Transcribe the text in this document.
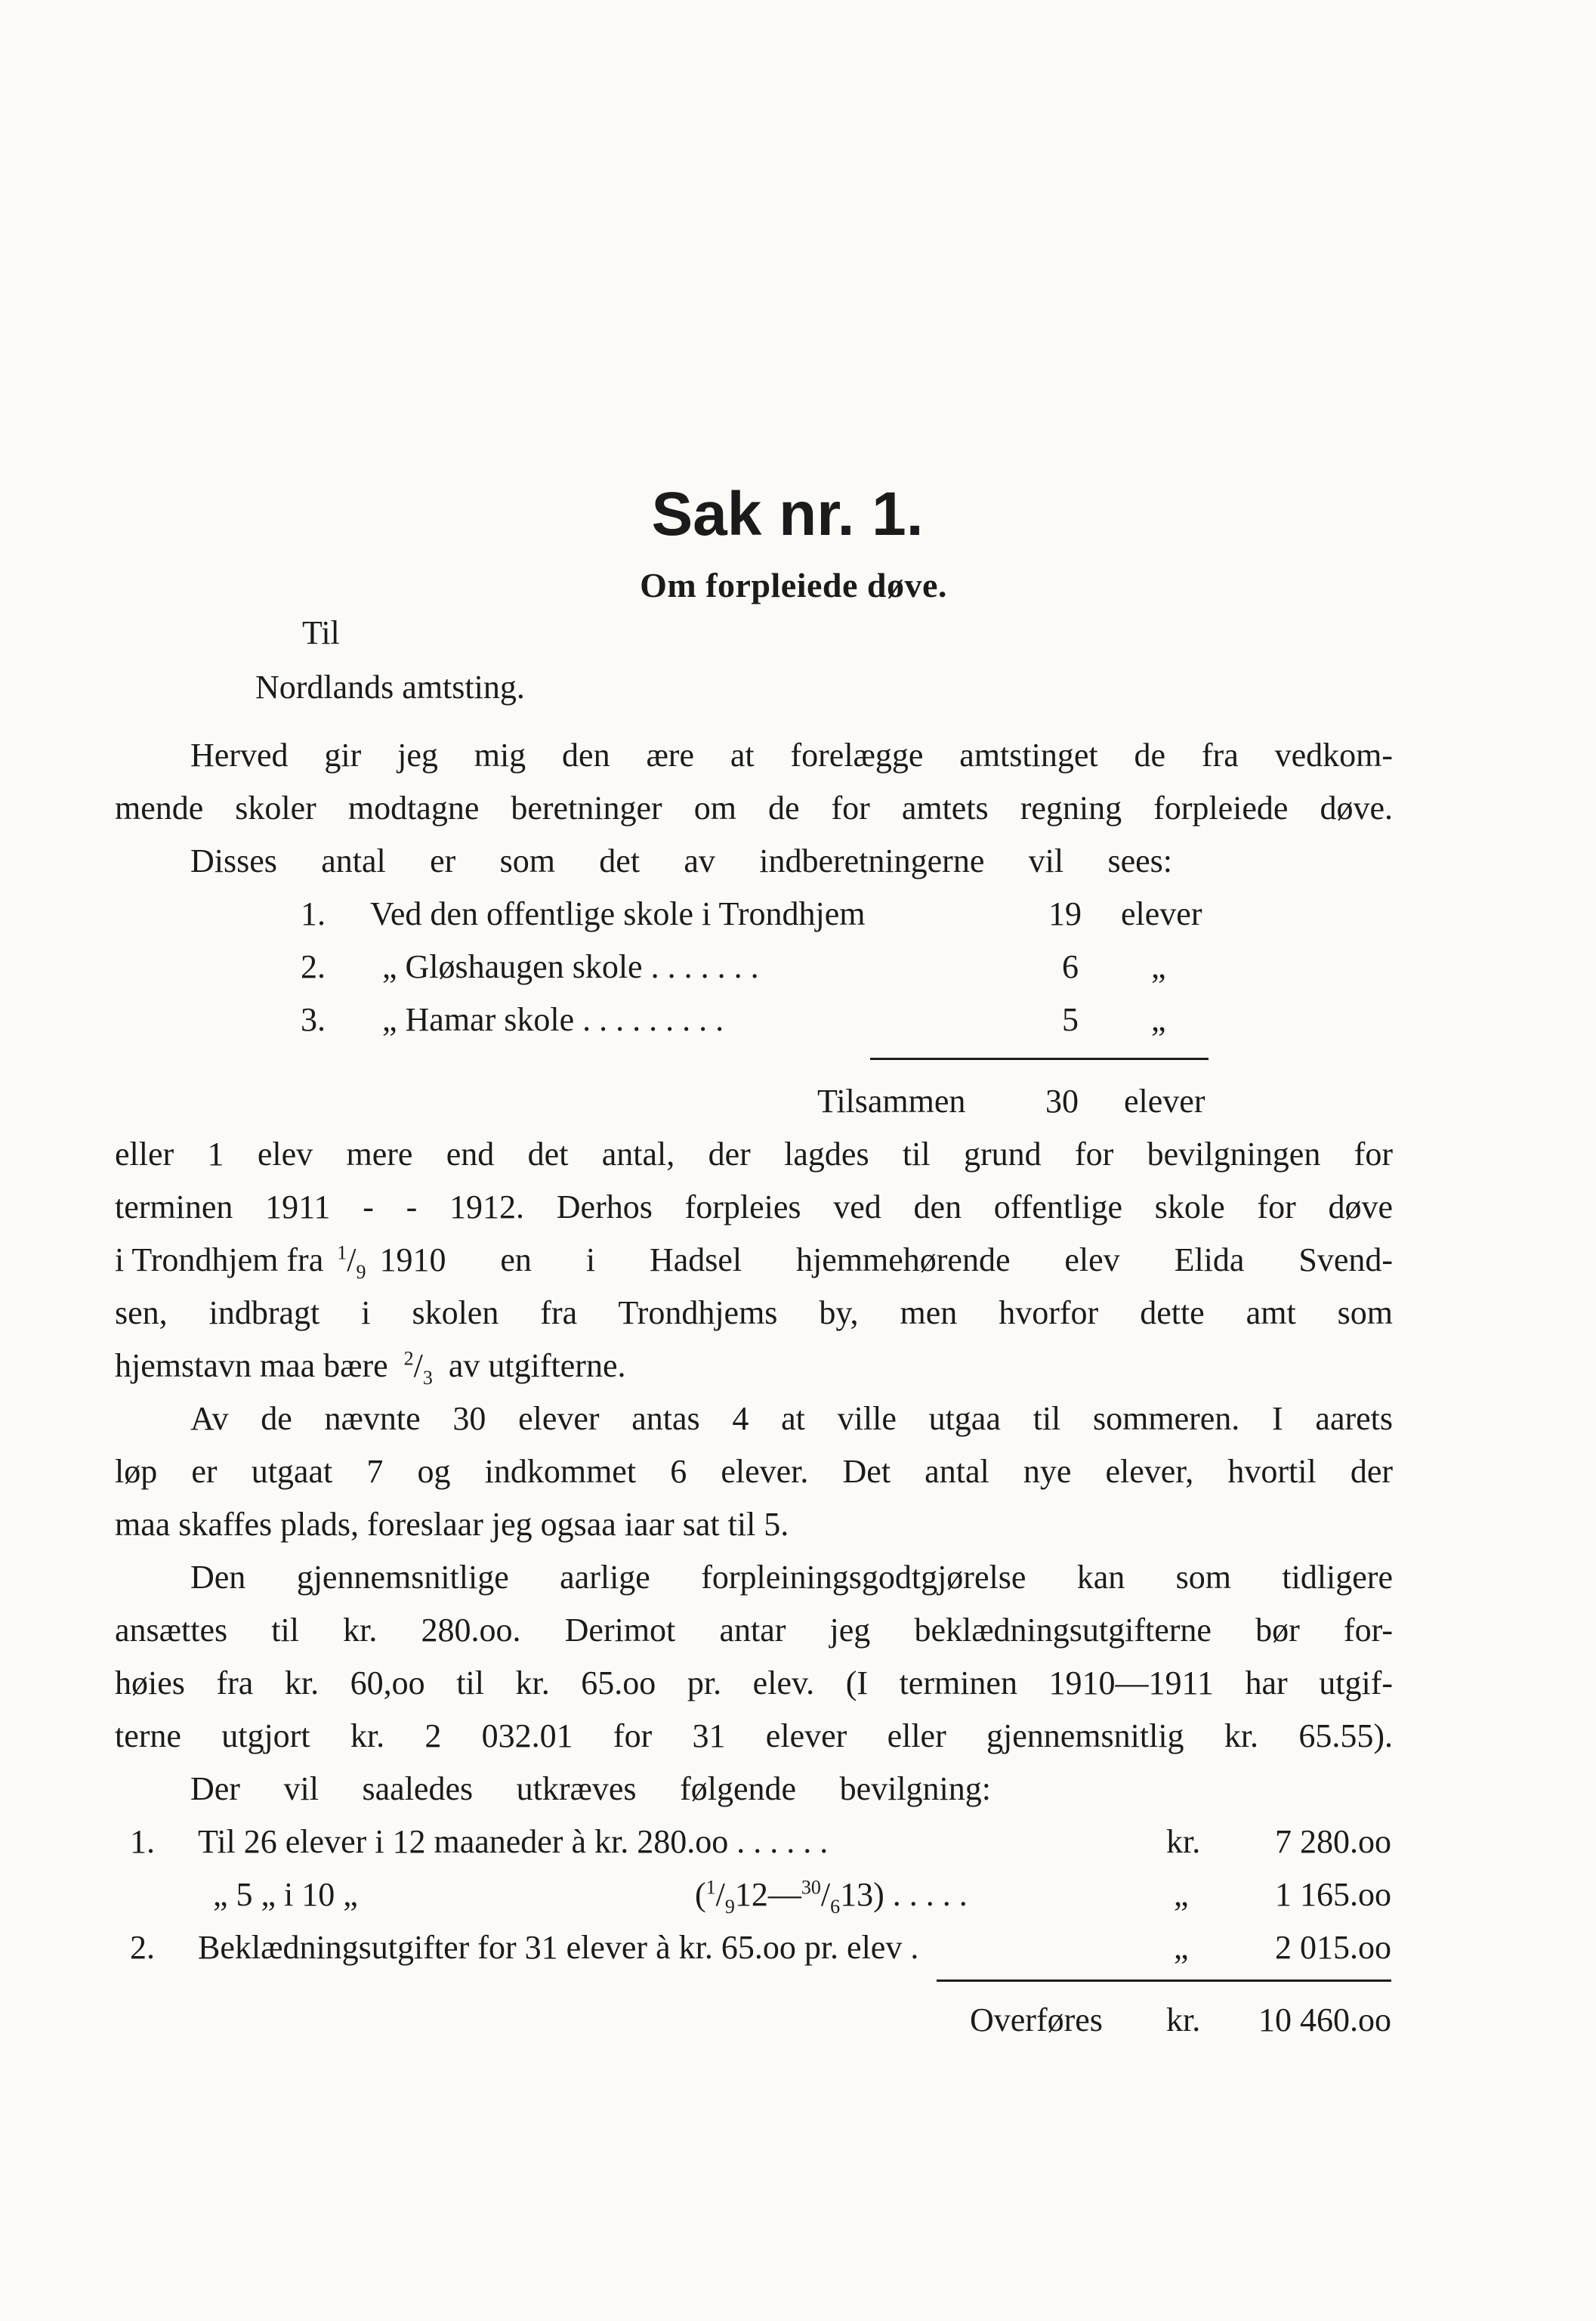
Sak nr. 1.
Om forpleiede døve.
Til
Nordlands amtsting.
Herved gir jeg mig den ære at forelægge amtstinget de fra vedkom-
mende skoler modtagne beretninger om de for amtets regning forpleiede døve.
Disses antal er som det av indberetningerne vil sees:
1. Ved den offentlige skole i Trondhjem	19 elever
2. „ Gløshaugen skole . . . . . . .	6 „
3. „ Hamar skole . . . . . . . . .	5 „
Tilsammen 30 elever
eller 1 elev mere end det antal, der lagdes til grund for bevilgningen for
terminen 1911 - - 1912. Derhos forpleies ved den offentlige skole for døve
i Trondhjem fra $^1/_9$ 1910 en i Hadsel hjemmehørende elev Elida Svend-
sen, indbragt i skolen fra Trondhjems by, men hvorfor dette amt som
hjemstavn maa bære $^2/_3$ av utgifterne.
Av de nævnte 30 elever antas 4 at ville utgaa til sommeren. I aarets
løp er utgaat 7 og indkommet 6 elever. Det antal nye elever, hvortil der
maa skaffes plads, foreslaar jeg ogsaa iaar sat til 5.
Den gjennemsnitlige aarlige forpleiningsgodtgjørelse kan som tidligere
ansættes til kr. 280.oo. Derimot antar jeg beklædningsutgifterne bør for-
høies fra kr. 60,oo til kr. 65.oo pr. elev. (I terminen 1910—1911 har utgif-
terne utgjort kr. 2 032.01 for 31 elever eller gjennemsnitlig kr. 65.55).
Der vil saaledes utkræves følgende bevilgning:
1. Til 26 elever i 12 maaneder à kr. 280.oo . . . . . .	kr.	7 280.oo
„ 5 „ i 10 „	$(^1/_912—^{30}/_613)$ . . . . .	„	1 165.oo
2. Beklædningsutgifter for 31 elever à kr. 65.oo pr. elev .	„	2 015.oo
Overføres kr.	10 460.oo
